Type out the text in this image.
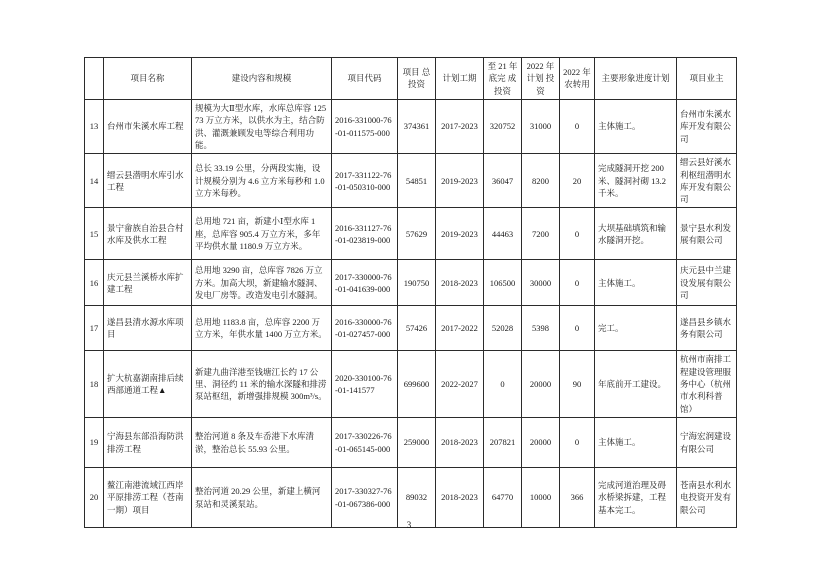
	项目名称	建设内容和规模	项目代码	项目 总投资	计划工期	至 21 年底完 成投资	2022 年 计划 投资	2022 年 农转用	主要形象进度计划	项目业主
13	台州市朱溪水库工程	规模为大Ⅱ型水库，水库总库容 12573 万立方米，以供水为主，结合防洪、灌溉兼顾发电等综合利用功能。	2016-331000-76-01-011575-000	374361	2017-2023	320752	31000	0	主体施工。	台州市朱溪水库开发有限公司
14	缙云县潜明水库引水工程	总长 33.19 公里，分两段实施，设计规模分别为 4.6 立方米每秒和 1.0 立方米每秒。	2017-331122-76-01-050310-000	54851	2019-2023	36047	8200	20	完成隧洞开挖 200 米、隧洞衬砌 13.2 千米。	缙云县好溪水利枢纽潜明水库开发有限公司
15	景宁畲族自治县合村水库及供水工程	总用地 721 亩，新建小Ⅰ型水库 1 座，总库容 905.4 万立方米，多年平均供水量 1180.9 万立方米。	2016-331127-76-01-023819-000	57629	2019-2023	44463	7200	0	大坝基础填筑和输水隧洞开挖。	景宁县水利发展有限公司
16	庆元县兰溪桥水库扩建工程	总用地 3290 亩，总库容 7826 万立方米。加高大坝，新建输水隧洞、发电厂房等。改造发电引水隧洞。	2017-330000-76-01-041639-000	190750	2018-2023	106500	30000	0	主体施工。	庆元县中兰建设发展有限公司
17	遂昌县清水源水库项目	总用地 1183.8 亩，总库容 2200 万立方米，年供水量 1400 万立方米。	2016-330000-76-01-027457-000	57426	2017-2022	52028	5398	0	完工。	遂昌县乡镇水务有限公司
18	扩大杭嘉湖南排后续西部通道工程▲	新建九曲洋港至钱塘江长约 17 公里、洞径约 11 米的输水深隧和排涝泵站枢纽，新增强排规模 300m³/s。	2020-330100-76-01-141577	699600	2022-2027	0	20000	90	年底前开工建设。	杭州市南排工程建设管理服务中心（杭州市水利科普馆）
19	宁海县东部沿海防洪排涝工程	整治河道 8 条及车岙港下水库清淤，整治总长 55.93 公里。	2017-330226-76-01-065145-000	259000	2018-2023	207821	20000	0	主体施工。	宁海宏润建设有限公司
20	鳌江南港流域江西岸平原排涝工程（苍南一期）项目	整治河道 20.29 公里，新建上横河泵站和灵溪泵站。	2017-330327-76-01-067386-000	89032	2018-2023	64770	10000	366	完成河道治理及碍水桥梁拆建，工程基本完工。	苍南县水利水电投资开发有限公司
3
